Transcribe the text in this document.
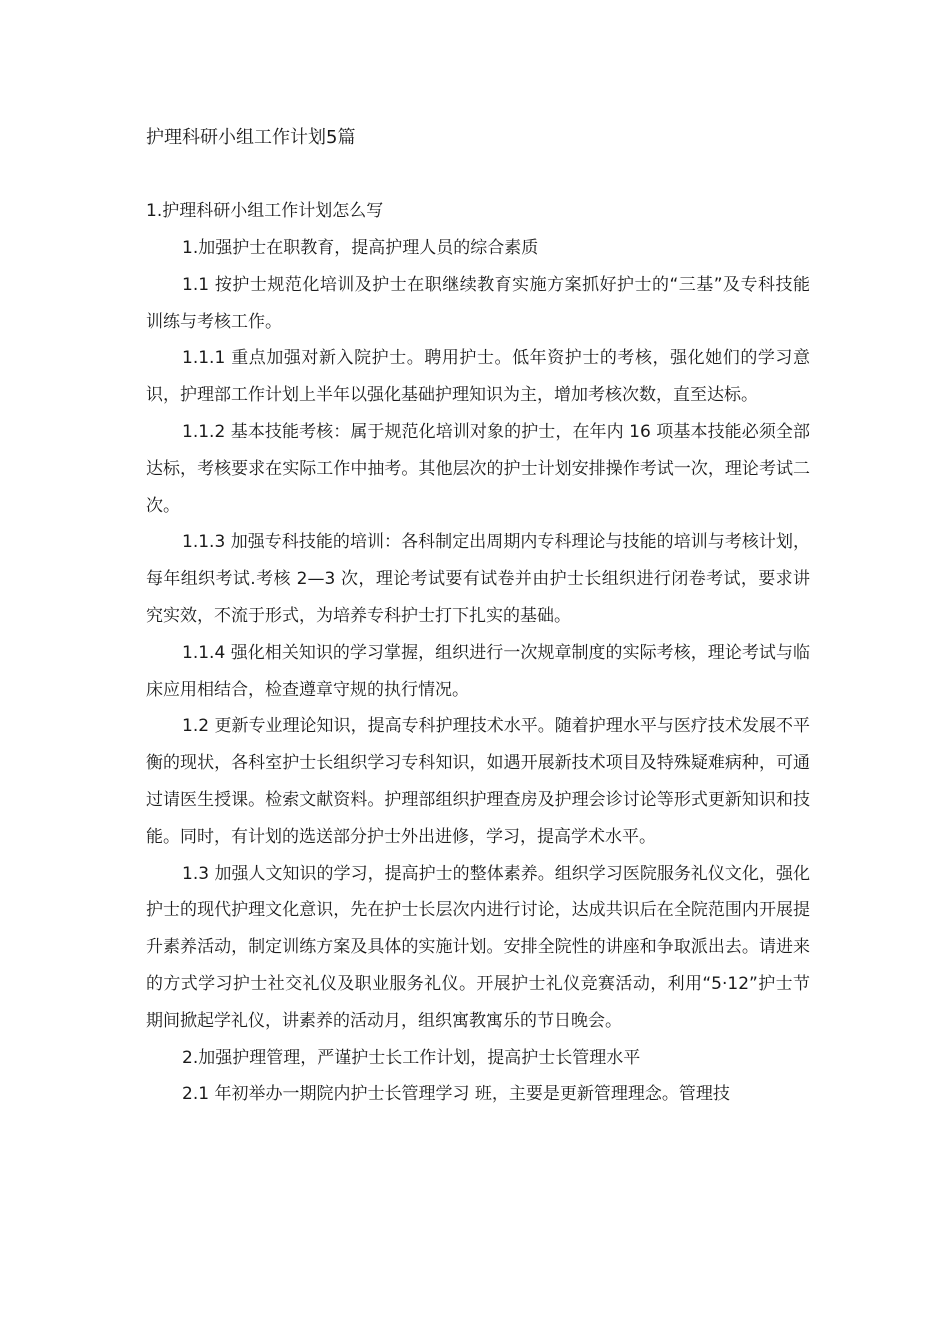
护理科研小组工作计划5篇
1.护理科研小组工作计划怎么写

1.加强护士在职教育，提高护理人员的综合素质

1.1 按护士规范化培训及护士在职继续教育实施方案抓好护士的“三基”及专科技能训练与考核工作。

1.1.1 重点加强对新入院护士。聘用护士。低年资护士的考核，强化她们的学习意识，护理部工作计划上半年以强化基础护理知识为主，增加考核次数，直至达标。

1.1.2 基本技能考核：属于规范化培训对象的护士，在年内 16 项基本技能必须全部达标，考核要求在实际工作中抽考。其他层次的护士计划安排操作考试一次，理论考试二次。

1.1.3 加强专科技能的培训：各科制定出周期内专科理论与技能的培训与考核计划，每年组织考试.考核 2—3 次，理论考试要有试卷并由护士长组织进行闭卷考试，要求讲究实效，不流于形式，为培养专科护士打下扎实的基础。

1.1.4 强化相关知识的学习掌握，组织进行一次规章制度的实际考核，理论考试与临床应用相结合，检查遵章守规的执行情况。

1.2 更新专业理论知识，提高专科护理技术水平。随着护理水平与医疗技术发展不平衡的现状，各科室护士长组织学习专科知识，如遇开展新技术项目及特殊疑难病种，可通过请医生授课。检索文献资料。护理部组织护理查房及护理会诊讨论等形式更新知识和技能。同时，有计划的选送部分护士外出进修，学习，提高学术水平。

1.3 加强人文知识的学习，提高护士的整体素养。组织学习医院服务礼仪文化，强化护士的现代护理文化意识，先在护士长层次内进行讨论，达成共识后在全院范围内开展提升素养活动，制定训练方案及具体的实施计划。安排全院性的讲座和争取派出去。请进来的方式学习护士社交礼仪及职业服务礼仪。开展护士礼仪竞赛活动，利用“5·12”护士节期间掀起学礼仪，讲素养的活动月，组织寓教寓乐的节日晚会。

2.加强护理管理，严谨护士长工作计划，提高护士长管理水平

2.1 年初举办一期院内护士长管理学习 班，主要是更新管理理念。管理技
